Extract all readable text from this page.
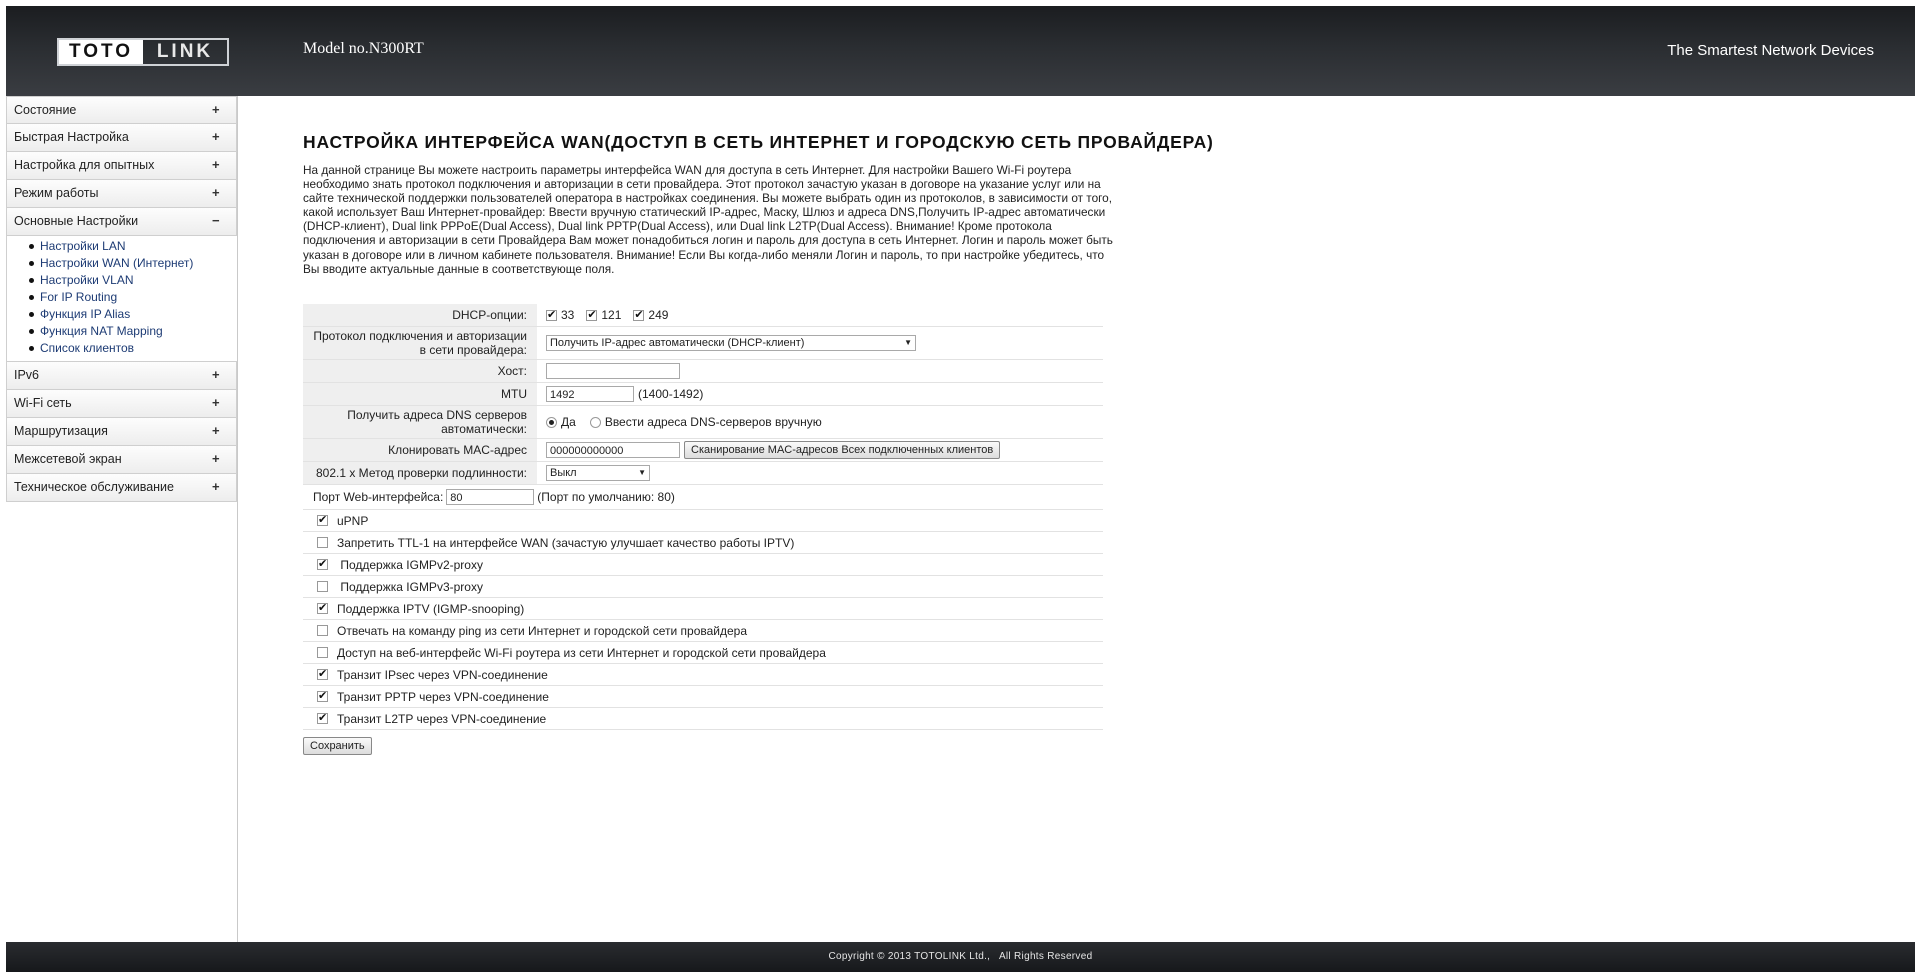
TOTO	LINK	Model no.N300RT	The Smartest Network Devices
Состояние	+
Быстрая Настройка	+
Настройка для опытных	+
Режим работы	+
Основные Настройки	−
Настройки LAN
Настройки WAN (Интернет)
Настройки VLAN
For IP Routing
Функция IP Alias
Функция NAT Mapping
Список клиентов
IPv6	+
Wi-Fi сеть	+
Маршрутизация	+
Межсетевой экран	+
Техническое обслуживание	+
НАСТРОЙКА ИНТЕРФЕЙСА WAN(ДОСТУП В СЕТЬ ИНТЕРНЕТ И ГОРОДСКУЮ СЕТЬ ПРОВАЙДЕРА)
На данной странице Вы можете настроить параметры интерфейса WAN для доступа в сеть Интернет. Для настройки Вашего Wi-Fi роутера необходимо знать протокол подключения и авторизации в сети провайдера. Этот протокол зачастую указан в договоре на указание услуг или на сайте технической поддержки пользователей оператора в настройках соединения. Вы можете выбрать один из протоколов, в зависимости от того, какой использует Ваш Интернет-провайдер: Ввести вручную статический IP-адрес, Маску, Шлюз и адреса DNS,Получить IP-адрес автоматически (DHCP-клиент), Dual link PPPoE(Dual Access), Dual link PPTP(Dual Access), или Dual link L2TP(Dual Access). Внимание! Кроме протокола подключения и авторизации в сети Провайдера Вам может понадобиться логин и пароль для доступа в сеть Интернет. Логин и пароль может быть указан в договоре или в личном кабинете пользователя. Внимание! Если Вы когда-либо меняли Логин и пароль, то при настройке убедитесь, что Вы вводите актуальные данные в соответствующе поля.
DHCP-опции: ✔	33 ✔ 121 ✔ 249
Протокол подключения и авторизации в сети провайдера:	Получить IP-адрес автоматически (DHCP-клиент)	▼
Хост:
MTU	1492	(1400-1492)
Получить адреса DNS серверов автоматически:	Да Ввести адреса DNS-серверов вручную
Клонировать MAC-адрес	000000000000	Сканирование MAC-адресов Всех подключенных клиентов
802.1 x Метод проверки подлинности:	Выкл	▼
Порт Web-интерфейса: 80	(Порт по умолчанию: 80)
✔
uPNP
Запретить TTL-1 на интерфейсе WAN (зачастую улучшает качество работы IPTV)
✔
Поддержка IGMPv2-proxy
Поддержка IGMPv3-proxy
✔
Поддержка IPTV (IGMP-snooping)
Отвечать на команду ping из сети Интернет и городской сети провайдера
Доступ на веб-интерфейс Wi-Fi роутера из сети Интернет и городской сети провайдера
✔
Транзит IPsec через VPN-соединение
✔
Транзит PPTP через VPN-соединение
✔
Транзит L2TP через VPN-соединение
Сохранить
Copyright © 2013 TOTOLINK Ltd.,   All Rights Reserved
